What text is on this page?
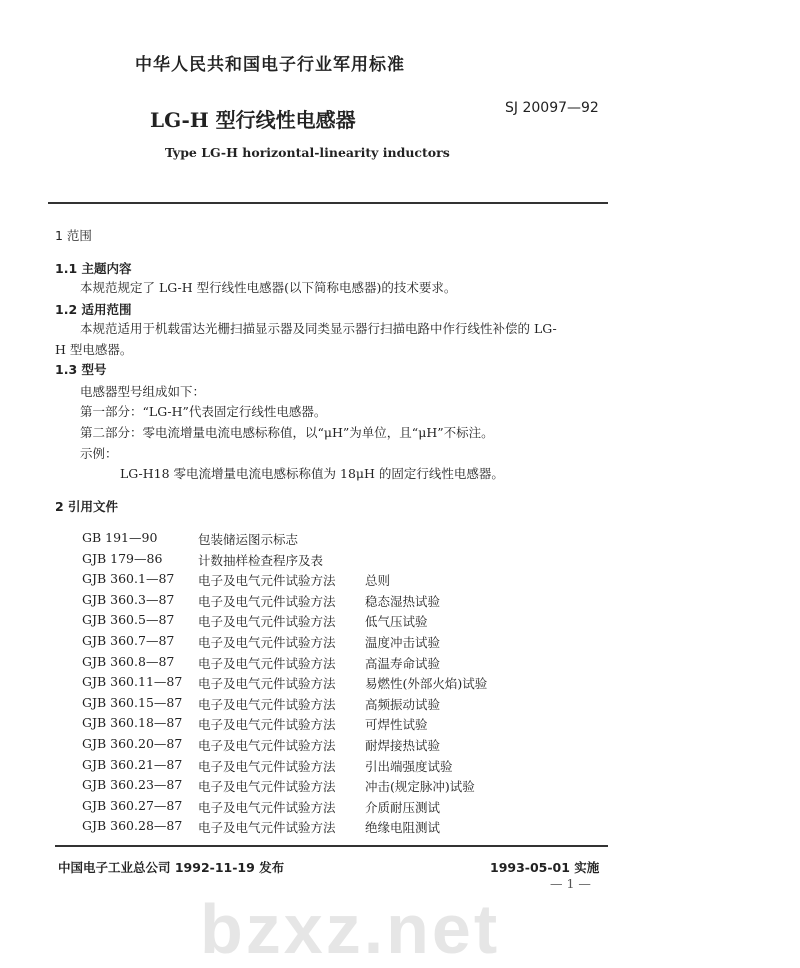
bzxz.net
中华人民共和国电子行业军用标准
LG-H 型行线性电感器	SJ 20097—92
Type LG-H horizontal-linearity inductors
1 范围
1.1 主题内容
本规范规定了 LG-H 型行线性电感器(以下简称电感器)的技术要求。
1.2 适用范围
本规范适用于机载雷达光栅扫描显示器及同类显示器行扫描电路中作行线性补偿的 LG-
H 型电感器。
1.3 型号
电感器型号组成如下：
第一部分：“LG-H”代表固定行线性电感器。
第二部分：零电流增量电流电感标称值，以“μH”为单位，且“μH”不标注。
示例：
LG-H18 零电流增量电流电感标称值为 18μH 的固定行线性电感器。
2 引用文件
GB 191—90	包装储运图示标志
GJB 179—86	计数抽样检查程序及表
GJB 360.1—87 电子及电气元件试验方法 总则
GJB 360.3—87 电子及电气元件试验方法 稳态湿热试验
GJB 360.5—87 电子及电气元件试验方法 低气压试验
GJB 360.7—87 电子及电气元件试验方法 温度冲击试验
GJB 360.8—87 电子及电气元件试验方法 高温寿命试验
GJB 360.11—87 电子及电气元件试验方法 易燃性(外部火焰)试验
GJB 360.15—87 电子及电气元件试验方法 高频振动试验
GJB 360.18—87 电子及电气元件试验方法 可焊性试验
GJB 360.20—87 电子及电气元件试验方法 耐焊接热试验
GJB 360.21—87 电子及电气元件试验方法 引出端强度试验
GJB 360.23—87 电子及电气元件试验方法 冲击(规定脉冲)试验
GJB 360.27—87 电子及电气元件试验方法 介质耐压测试
GJB 360.28—87 电子及电气元件试验方法 绝缘电阻测试
中国电子工业总公司 1992-11-19 发布	1993-05-01 实施
— 1 —
